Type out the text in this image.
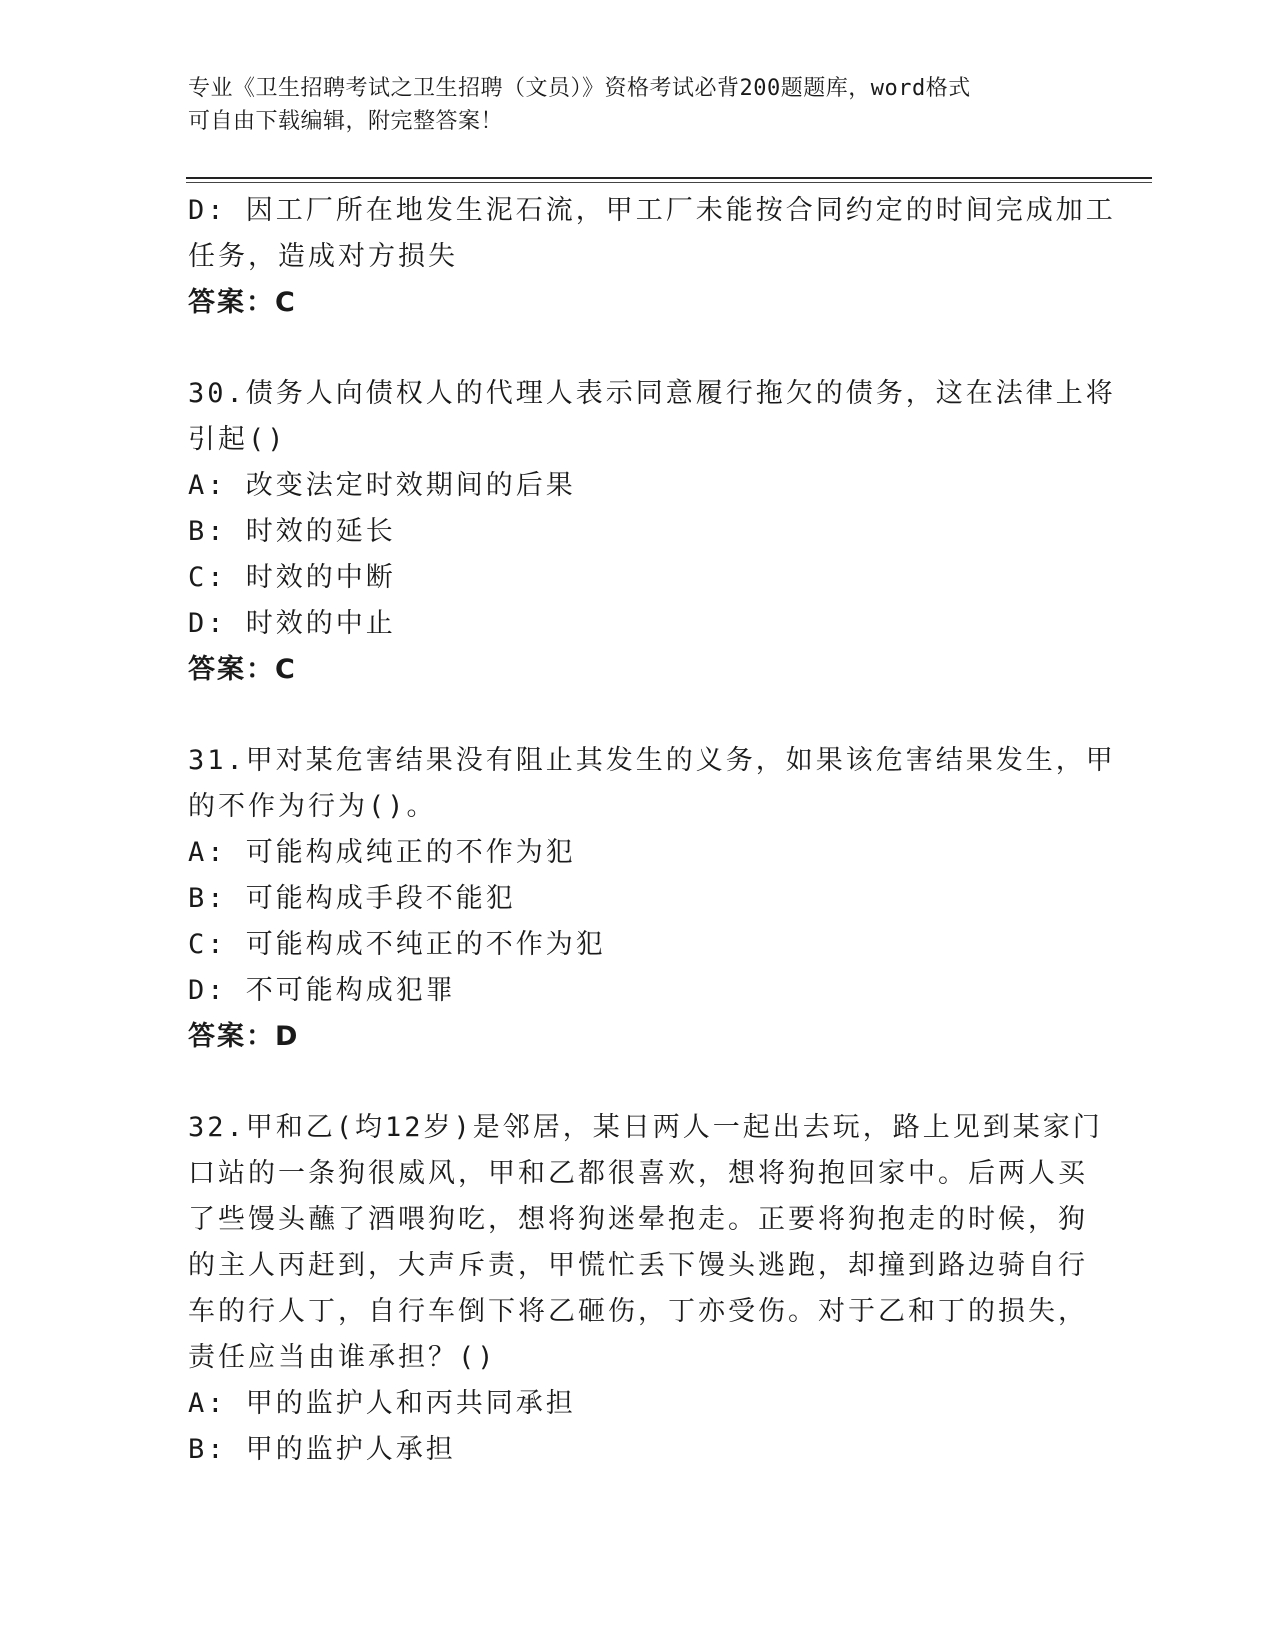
专业《卫生招聘考试之卫生招聘（文员）》资格考试必背200题题库，word格式
可自由下载编辑，附完整答案！
D: 因工厂所在地发生泥石流，甲工厂未能按合同约定的时间完成加工
任务，造成对方损失
答案：C
30.债务人向债权人的代理人表示同意履行拖欠的债务，这在法律上将
引起()
A: 改变法定时效期间的后果
B: 时效的延长
C: 时效的中断
D: 时效的中止
答案：C
31.甲对某危害结果没有阻止其发生的义务，如果该危害结果发生，甲
的不作为行为()。
A: 可能构成纯正的不作为犯
B: 可能构成手段不能犯
C: 可能构成不纯正的不作为犯
D: 不可能构成犯罪
答案：D
32.甲和乙(均12岁)是邻居，某日两人一起出去玩，路上见到某家门
口站的一条狗很威风，甲和乙都很喜欢，想将狗抱回家中。后两人买
了些馒头蘸了酒喂狗吃，想将狗迷晕抱走。正要将狗抱走的时候，狗
的主人丙赶到，大声斥责，甲慌忙丢下馒头逃跑，却撞到路边骑自行
车的行人丁，自行车倒下将乙砸伤，丁亦受伤。对于乙和丁的损失，
责任应当由谁承担？()
A: 甲的监护人和丙共同承担
B: 甲的监护人承担
